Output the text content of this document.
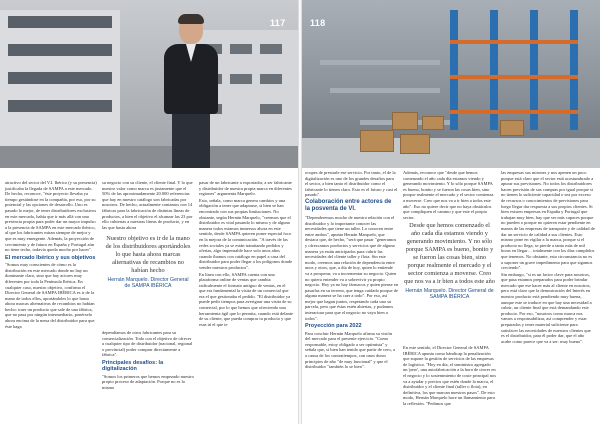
117

atractivo del sector del V.I. Ibérico (y su presencia) justificaba la llegada de SAMPA a este mercado. De hecho, reconoce, "éste proyecto llevaba ya tiempo gestándose en la compañía, por eso, por su potencial y las opciones de desarrollo. Uno es pasado lo mejor, de tener distribuidores exclusivos en este mercado, había que ir más allá con una presencia propia para poder dar un mayor impulso a la presencia de SAMPA en este mercado ibérico, al que los fabricantes miran siempre de mejor y que es muy emergente. Además, la proyección de crecimiento y de futuro en España y Portugal aún no tiene techo, todavía queda mucho por hacer".

El mercado Ibérico y sus objetivos

"Somos muy conscientes de cómo es la distribución en este mercado donde no hay un dominante claro, sino que hay actores muy diferentes por toda la Península Ibérica. En cualquier caso, nuestro objetivo, confirma el Director General de SAMPA IBÉRICA es ir de la mano de todos ellos, aportándoles lo que hasta ahora marcas alternativas de recambios no habían hecho: traer un producto que sale de una fábrica, que no pasa por ningún intermediario, ponérselo ahora encima de la mesa del distribuidor para que éste haga

su negocio con su cliente, el cliente final. Y lo que nuestro valor como marca es justamente que el 50% de las aproximadamente 20.000 referencias que hay en nuestro catálogo son fabricadas por nosotros. De hecho, actualmente contamos con 14 fábricas para la fabricación de distintas líneas de productos, a bien el objetivo el alcanzar las 23 por ello cubiertas a nuestras líneas de producto, y en las que hasta ahora

Nuestro objetivo es ir de la mano de los distribuidores aportándoles lo que hasta ahora marcas alternativas de recambios no habían hecho
Hernán Marquelo. Director General de SAMPA IBÉRICA

dependíamos de otros fabricantes para su comercialización. Todo con el objetivo de ofrecer a cualquier tipo de distribuidor (nacional, regional o provincial) poder comprar directamente a fábrica".

Principales desafíos: la digitalización

"Somos los primeros que hemos empezado nuestro propio proceso de adaptación. Porque no es lo mismo

pasar de un fabricante a exportador, a ser fabricante y distribuidor de nuestra propia marca en diferentes regiones" argumenta Marquelo.

Esto, señala, como marca genera cambios y una obligación a tener que adaptarse, si bien se han encontrado con sus propias limitaciones. No obstante, según Hernán Marquelo, "creemos que el distribuidor es vital pasando lo mismo y de alguna manera todos estamos inmersos ahora en este sentido, desde SAMPA quieren poner especial foco en la mejora de la comunicación. "A través de las redes sociales ya se están tramitando pedidos y ofertas, algo impensable hace solo unos años cuando íbamos con catálogo en papel a casa del distribuidor para poder llegar a los polígonos donde vender nuestros productos".

En línea con ello, SAMPA cuenta con una plataforma online de ventas que cambia radicalmente el formato antiguo de ventas, en el que era fundamental la visita de un comercial que era el que gestionaba el pedido. "El distribuidor ya puede pedir tiempos para averiguar una visita de su comercial, por lo que hemos que ofreciendo una herramienta ágil que lo permita, cuando está delante de su cliente, que pueda comprar tu producto y que esas tú el que te

118

ocupes de prestarle ese servicio. Por tanto, el de la digitalización es uno de los grandes desafíos para el sector, a bien tanto el distribuidor como el fabricante lo tienen claro. Esto es el futuro y casi el pasado".

Colaboración entre actores de la posventa de VI.

"Dependeremos mucho de nuestra relación con el distribuidor y lo importante conocer las necesidades que tiene un taller. Lo conocen entre entre ambos", apunta Hernán Marquelo, que destaca que, de hecho, "será que pasar "generamos y ofrezcamos productos y servicios que de alguna manera ya están anticipados para cubrir las necesidades del cliente taller y flota. Sin este modo, creemos una relación de dependencia entre unos y otros, que, a día de hoy, quien lo entiende va a prosperar, va a incrementar su negocio. Quien no quiera entender va a sobrevivir ya propio negocio. Hoy ya no hay fármacos y quien piense en pasarlas en su terreno, que tenga cuidado porque de alguna manera se ha caer a todo". Por eso, así mejor que hagan juntos, respetando cada uno su parcela, pero que éstas estén abiertas, y podamos interactuar para que el negocio no vaya bien a todos".

Proyección para 2022

Para concluir Hernán Marquelo afirma su visión del mercado para el presente ejercicio. "Como responsable, estoy obligado a ser optimista" y señala que, si bien han tenido que partir de cero, a a causa de los contratiempos, con unos duros principios de año "de muy funcional" y que el distribuidor "también lo se bien".

Además, reconoce que "desde que hemos comenzado el año cada día estamos viendo y generando movimiento. Y lo sólo porque SAMPA es bueno, bonito y se fueron las cosas bien, sino porque realmente el mercado y el sector comienza a moverse. Creo que nos va a ir bien a todos este año". Eso no quiere decir que no haya obstáculos que compliquen el camino y que este el propio sector.

Desde que hemos comenzado el año cada día estamos viendo y generando movimiento. Y no sólo porque SAMPA es bueno, bonito y se fueron las cosas bien, sino porque realmente el mercado y el sector comienza a moverse. Creo que nos va a ir bien a todos este año
Hernán Marquelo. Director General de SAMPA IBÉRICA

En este sentido, el Director General de SAMPA IBÉRICA apunta como hándicap la penalización que supone la gestión de servicios de las empresas de logística. "Hoy en día, el suministro agregado un 'pero', una autofabricación a la hora de cincer en el negocio y lo sostenimiento de coste principal nos va a ayudar y precios que estén donde la marca, el distribuidor y el cliente final (taller o flota), en definitiva, los que marcan nuestros pasos". De esto modo, Hernán Marquelo hace un llamamiento para la reflexión. "Pedimos que

las empresas sus mirones y nos apenen un poco porque está claro que el sector está acostumbrado a apurar sus previsiones. No todos los distribuidores hacen previsión de sus compras por igual porque si no tienen lo suficiente capacidad o sea por exceso de recursos o conocimientos de previsiones para luego llegar dar respuesta a sus propios clientes. Si bien existen empresas en España y Portugal que trabajan muy bien, hay que ser más capaces porque no pueden o porque no quieren estar pendiente en manos de las empresas de transporte y de calidad de dar un servicio de calidad a sus clientes. Esto mismo pone en vigilar a la marca, porque si el producto no llega, se pierde a tanto más de mil horas en llegar… totalmente con los días cumplidos que tenemos. No obstante, esta circunstancia no es a suponer un grave impedimento para que sigamos creciendo".

Sin embargo, "si es un factor clave para nosotros, que pasa estamos preparados para poder brindar mercado que ese hacer más al cliente en nosotros, pero está claro que la demostración del Interés en nuestro producto está pendiendo muy buena, aunque este se traduce en que hay una necesidad a cubrir, un cliente final que está demandando este producto. Por eso, "nosotros como marca nos vamos a responsabilizar, así comprender y estar preparados y tener material suficiente para satisfacer las necesidades de nuestros clientes que es el distribuidor, para él poder dar, que el año acabe como parece que va a ser: muy bueno".
